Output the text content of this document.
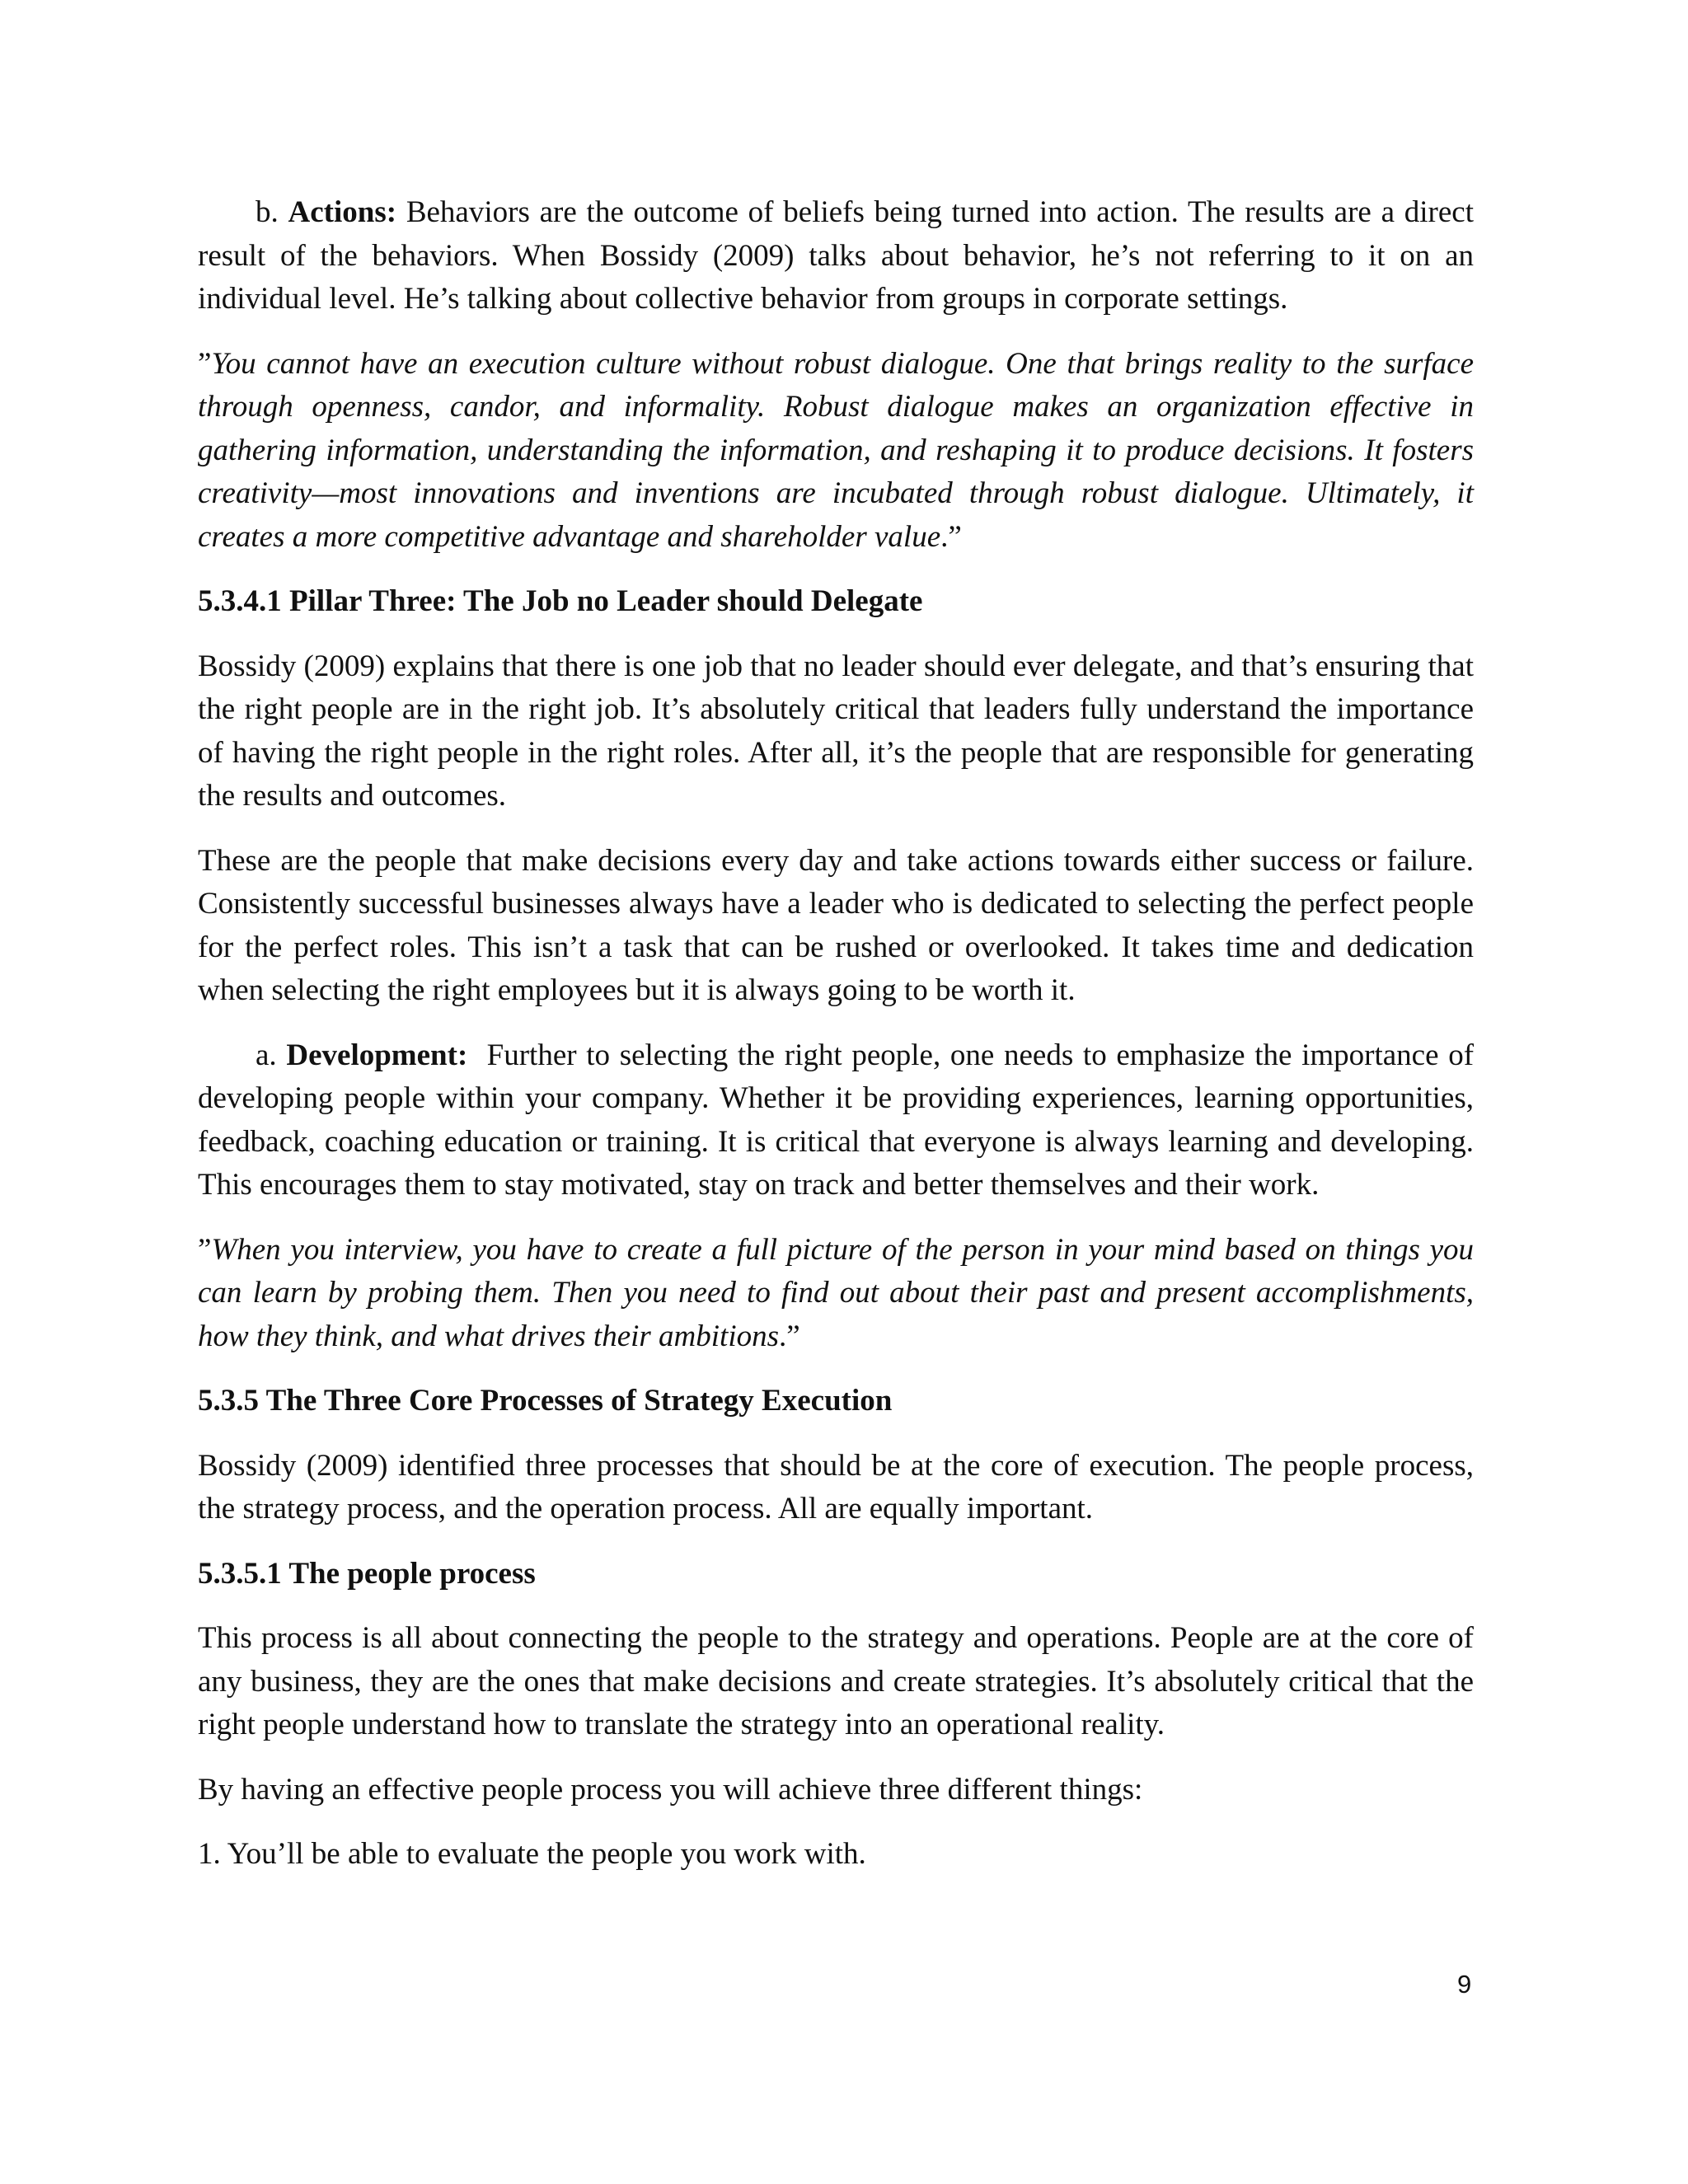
b. Actions: Behaviors are the outcome of beliefs being turned into action. The results are a direct result of the behaviors. When Bossidy (2009) talks about behavior, he’s not referring to it on an individual level. He’s talking about collective behavior from groups in corporate settings.

”You cannot have an execution culture without robust dialogue. One that brings reality to the surface through openness, candor, and informality. Robust dialogue makes an organization effective in gathering information, understanding the information, and reshaping it to produce decisions. It fosters creativity—most innovations and inventions are incubated through robust dialogue. Ultimately, it creates a more competitive advantage and shareholder value.”

5.3.4.1 Pillar Three: The Job no Leader should Delegate

Bossidy (2009) explains that there is one job that no leader should ever delegate, and that’s ensuring that the right people are in the right job. It’s absolutely critical that leaders fully understand the importance of having the right people in the right roles. After all, it’s the people that are responsible for generating the results and outcomes.

These are the people that make decisions every day and take actions towards either success or failure. Consistently successful businesses always have a leader who is dedicated to selecting the perfect people for the perfect roles. This isn’t a task that can be rushed or overlooked. It takes time and dedication when selecting the right employees but it is always going to be worth it.

a. Development: Further to selecting the right people, one needs to emphasize the importance of developing people within your company. Whether it be providing experiences, learning opportunities, feedback, coaching education or training. It is critical that everyone is always learning and developing. This encourages them to stay motivated, stay on track and better themselves and their work.

”When you interview, you have to create a full picture of the person in your mind based on things you can learn by probing them. Then you need to find out about their past and present accomplishments, how they think, and what drives their ambitions.”

5.3.5 The Three Core Processes of Strategy Execution

Bossidy (2009) identified three processes that should be at the core of execution. The people process, the strategy process, and the operation process. All are equally important.

5.3.5.1 The people process

This process is all about connecting the people to the strategy and operations. People are at the core of any business, they are the ones that make decisions and create strategies. It’s absolutely critical that the right people understand how to translate the strategy into an operational reality.

By having an effective people process you will achieve three different things:

1. You’ll be able to evaluate the people you work with.

9
